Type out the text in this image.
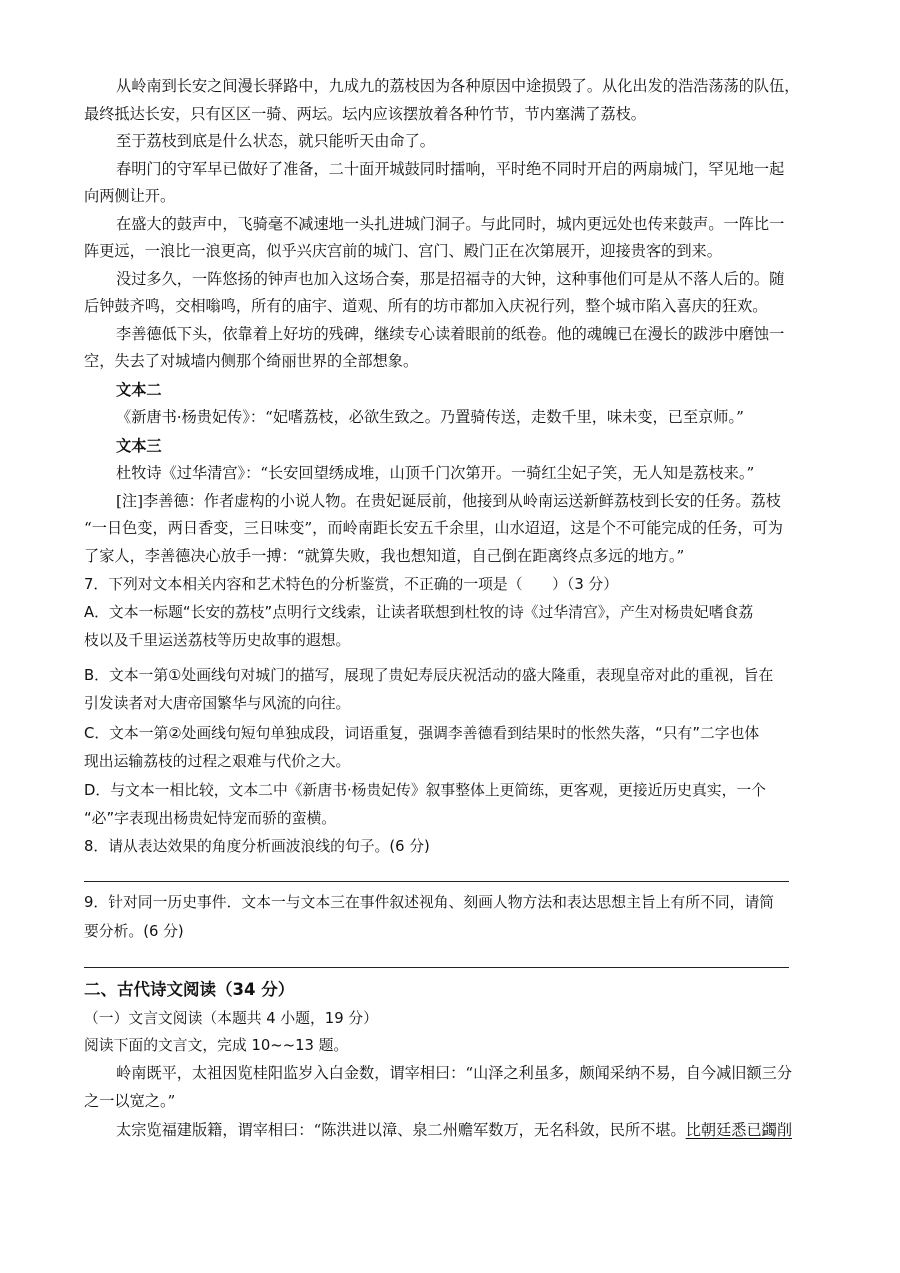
从岭南到长安之间漫长驿路中，九成九的荔枝因为各种原因中途损毁了。从化出发的浩浩荡荡的队伍，
最终抵达长安，只有区区一骑、两坛。坛内应该摆放着各种竹节，节内塞满了荔枝。
至于荔枝到底是什么状态，就只能听天由命了。
春明门的守军早已做好了准备，二十面开城鼓同时擂响，平时绝不同时开启的两扇城门，罕见地一起
向两侧让开。
在盛大的鼓声中，飞骑毫不减速地一头扎进城门洞子。与此同时，城内更远处也传来鼓声。一阵比一
阵更远，一浪比一浪更高，似乎兴庆宫前的城门、宫门、殿门正在次第展开，迎接贵客的到来。
没过多久，一阵悠扬的钟声也加入这场合奏，那是招福寺的大钟，这种事他们可是从不落人后的。随
后钟鼓齐鸣，交相嗡鸣，所有的庙宇、道观、所有的坊市都加入庆祝行列，整个城市陷入喜庆的狂欢。
李善德低下头，依靠着上好坊的残碑，继续专心读着眼前的纸卷。他的魂魄已在漫长的跋涉中磨蚀一
空，失去了对城墙内侧那个绮丽世界的全部想象。
文本二
《新唐书·杨贵妃传》：“妃嗜荔枝，必欲生致之。乃置骑传送，走数千里，味未变，已至京师。”
文本三
杜牧诗《过华清宫》：“长安回望绣成堆，山顶千门次第开。一骑红尘妃子笑，无人知是荔枝来。”
[注]李善德：作者虚构的小说人物。在贵妃诞辰前，他接到从岭南运送新鲜荔枝到长安的任务。荔枝
“一日色变，两日香变，三日味变”，而岭南距长安五千余里，山水迢迢，这是个不可能完成的任务，可为
了家人，李善德决心放手一搏：“就算失败，我也想知道，自己倒在距离终点多远的地方。”
7．下列对文本相关内容和艺术特色的分析鉴赏，不正确的一项是（　　）（3 分）
A．文本一标题“长安的荔枝”点明行文线索，让读者联想到杜牧的诗《过华清宫》，产生对杨贵妃嗜食荔
枝以及千里运送荔枝等历史故事的遐想。
B．文本一第①处画线句对城门的描写，展现了贵妃寿辰庆祝活动的盛大隆重，表现皇帝对此的重视，旨在
引发读者对大唐帝国繁华与风流的向往。
C．文本一第②处画线句短句单独成段，词语重复，强调李善德看到结果时的怅然失落，“只有”二字也体
现出运输荔枝的过程之艰难与代价之大。
D．与文本一相比较，文本二中《新唐书·杨贵妃传》叙事整体上更简练，更客观，更接近历史真实，一个
“必”字表现出杨贵妃恃宠而骄的蛮横。
8．请从表达效果的角度分析画波浪线的句子。(6 分)
9．针对同一历史事件．文本一与文本三在事件叙述视角、刻画人物方法和表达思想主旨上有所不同，请简
要分析。(6 分)
二、古代诗文阅读（34 分）
（一）文言文阅读（本题共 4 小题，19 分）
阅读下面的文言文，完成 10~~13 题。
岭南既平，太祖因览桂阳监岁入白金数，谓宰相曰：“山泽之利虽多，颇闻采纳不易，自今减旧额三分
之一以宽之。”
太宗览福建版籍，谓宰相曰：“陈洪进以漳、泉二州赡军数万，无名科敛，民所不堪。比朝廷悉已蠲削
